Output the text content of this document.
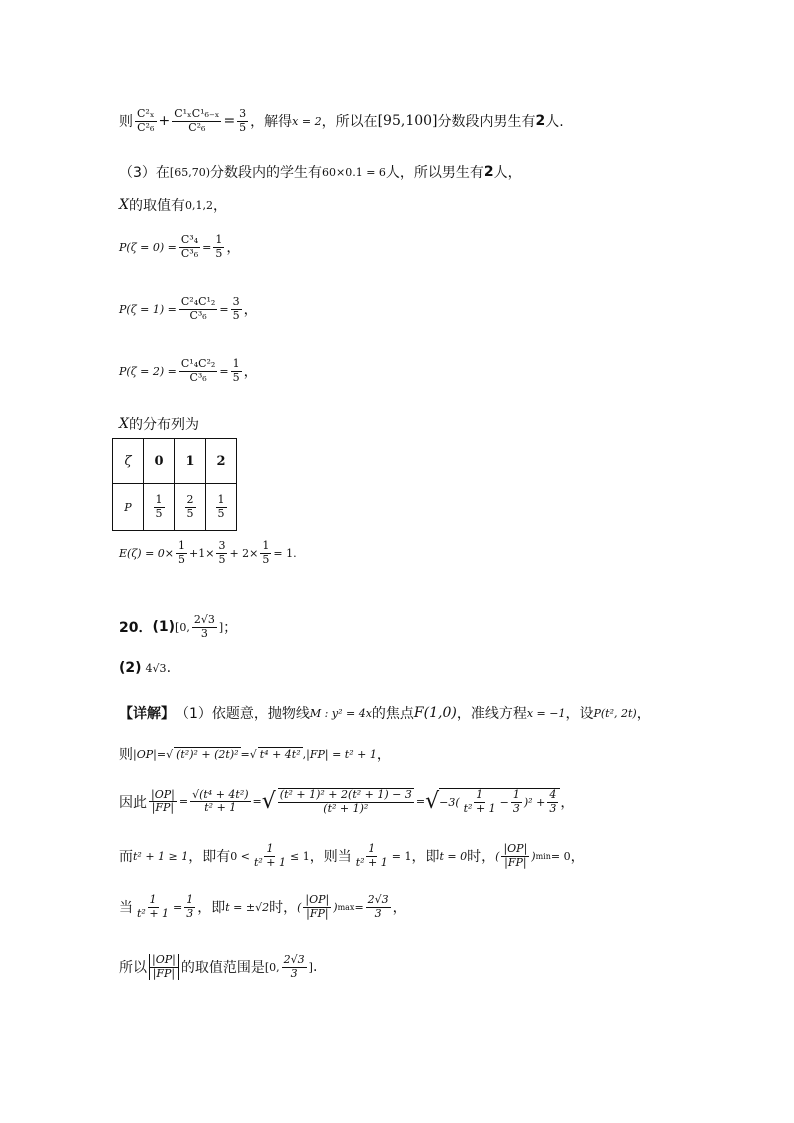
则 $\frac{\text{C²ₓ}}{\text{C²₆}} + \frac{\text{C¹ₓC¹₆₋ₓ}}{\text{C²₆}} = \frac{3}{5}$ ，解得 x = 2 ，所以在 [95,100] 分数段内男生有 2 人.
（3） 在 [65,70) 分数段内的学生有 60×0.1 = 6 人，所以男生有 2 人，
X 的取值有 0,1,2 ，
$P(\zeta = 0) = \frac{\text{C³₄}}{\text{C³₆}} = \frac{1}{5}$ ，
$P(\zeta = 1) = \frac{\text{C²₄C¹₂}}{\text{C³₆}} = \frac{3}{5}$ ，
$P(\zeta = 2) = \frac{\text{C¹₄C²₂}}{\text{C³₆}} = \frac{1}{5}$ ，
X 的分布列为
ζ	0	1	2
P	$\frac{1}{5}$	$\frac{2}{5}$	$\frac{1}{5}$
$E(\zeta) = 0\times \frac{1}{5} +1\times \frac{3}{5} + 2\times \frac{1}{5} = 1$.
20． (1) [0, $\frac{2√3}{3}$ ] ；
(2) 4√3 .
【详解】 （1） 依题意，抛物线 M : y² = 4x 的焦点 F(1,0) ，准线方程 x = −1 ，设 P(t², 2t) ，
则 |OP|= √ (t²)² + (2t)² = √ t⁴ + 4t² , |FP| = t² + 1 ，
因此 $\frac{|OP|}{|FP|} = \frac{\text{√(t⁴ + 4t²)}}{\text{t² + 1}}$ = √ $\frac{\text{(t² + 1)² + 2(t² + 1) − 3}}{\text{(t² + 1)²}}$ = √ $-3( \frac{1}{\text{t² + 1}} - \frac{1}{3} )^2 + \frac{4}{3}$ ，
而 t² + 1 ≥ 1 ，即有 $0 < \frac{1}{\text{t² + 1}} \le 1$ ，则当 $\frac{1}{\text{t² + 1}} = 1$ ，即 t = 0 时， ( $\frac{|OP|}{|FP|}$ ) min = 0 ，
当 $\frac{1}{\text{t² + 1}} = \frac{1}{3}$ ，即 t = ±√2 时， ( $\frac{|OP|}{|FP|}$ ) $\max = \frac{2√3}{3}$ ，
所以 $\frac{|OP|}{|FP|}$ 的取值范围是 [0, $\frac{2√3}{3}$ ] .
